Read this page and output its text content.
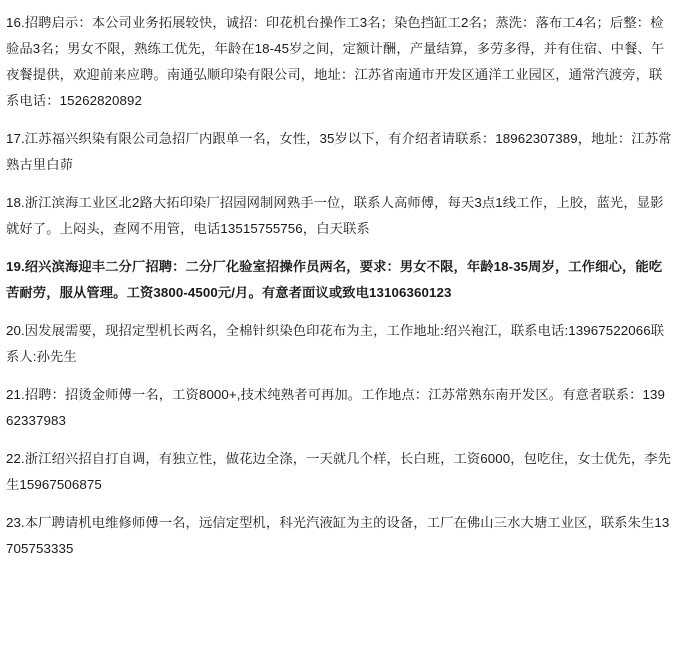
16.招聘启示：本公司业务拓展较快，诚招：印花机台操作工3名；染色挡缸工2名；蒸洗：落布工4名；后整：检验品3名；男女不限，熟练工优先，年龄在18-45岁之间，定额计酬，产量结算，多劳多得，并有住宿、中餐、午 夜餐提供，欢迎前来应聘。南通弘顺印染有限公司，地址：江苏省南通市开发区通洋工业园区，通常汽渡旁，联系电话：15262820892

17.江苏福兴织染有限公司急招厂内跟单一名，女性，35岁以下，有介绍者请联系：18962307389，地址：江苏常熟古里白茆

18.浙江滨海工业区北2路大拓印染厂招园网制网熟手一位，联系人高师傅，每天3点1线工作，上胶，蓝光，显影就好了。上闷头，查网不用管，电话13515755756，白天联系

19.绍兴滨海迎丰二分厂招聘：二分厂化验室招操作员两名，要求：男女不限，年龄18-35周岁，工作细心，能吃苦耐劳，服从管理。工资3800-4500元/月。有意者面议或致电13106360123

20.因发展需要，现招定型机长两名，全棉针织染色印花布为主，工作地址:绍兴袍江，联系电话:13967522066联系人:孙先生

21.招聘：招烫金师傅一名，工资8000+,技术纯熟者可再加。工作地点：江苏常熟东南开发区。有意者联系：13962337983

22.浙江绍兴招自打自调，有独立性，做花边全涤，一天就几个样，长白班，工资6000，包吃住，女士优先，李先生15967506875

23.本厂聘请机电维修师傅一名，远信定型机，科光汽液缸为主的设备，工厂在佛山三水大塘工业区，联系朱生13705753335
